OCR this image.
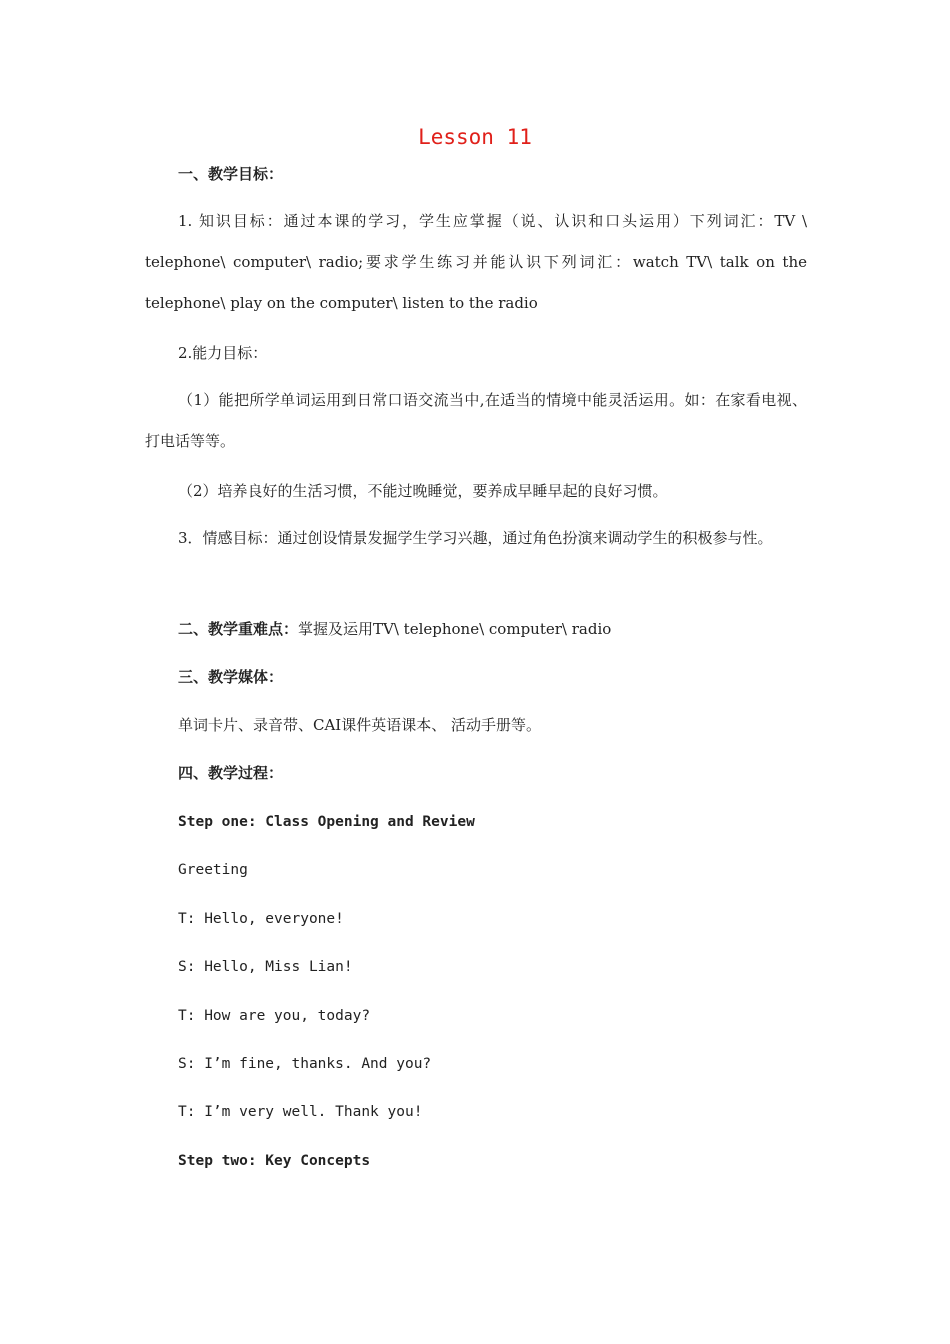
Lesson 11

一、教学目标：

1. 知识目标：通过本课的学习，学生应掌握（说、认识和口头运用）下列词汇：TV \ telephone\ computer\ radio;要求学生练习并能认识下列词汇：watch TV\ talk on the telephone\ play on the computer\ listen to the radio

2.能力目标：

（1）能把所学单词运用到日常口语交流当中,在适当的情境中能灵活运用。如：在家看电视、打电话等等。

（2）培养良好的生活习惯，不能过晚睡觉，要养成早睡早起的良好习惯。

3．情感目标：通过创设情景发掘学生学习兴趣，通过角色扮演来调动学生的积极参与性。

二、教学重难点：掌握及运用TV\ telephone\ computer\ radio

三、教学媒体：

单词卡片、录音带、CAI课件英语课本、 活动手册等。

四、教学过程：

Step one: Class Opening and Review

Greeting

T: Hello, everyone!

S: Hello, Miss Lian!

T: How are you, today?

S: I’m fine, thanks. And you?

T: I’m very well. Thank you!

Step two: Key Concepts
